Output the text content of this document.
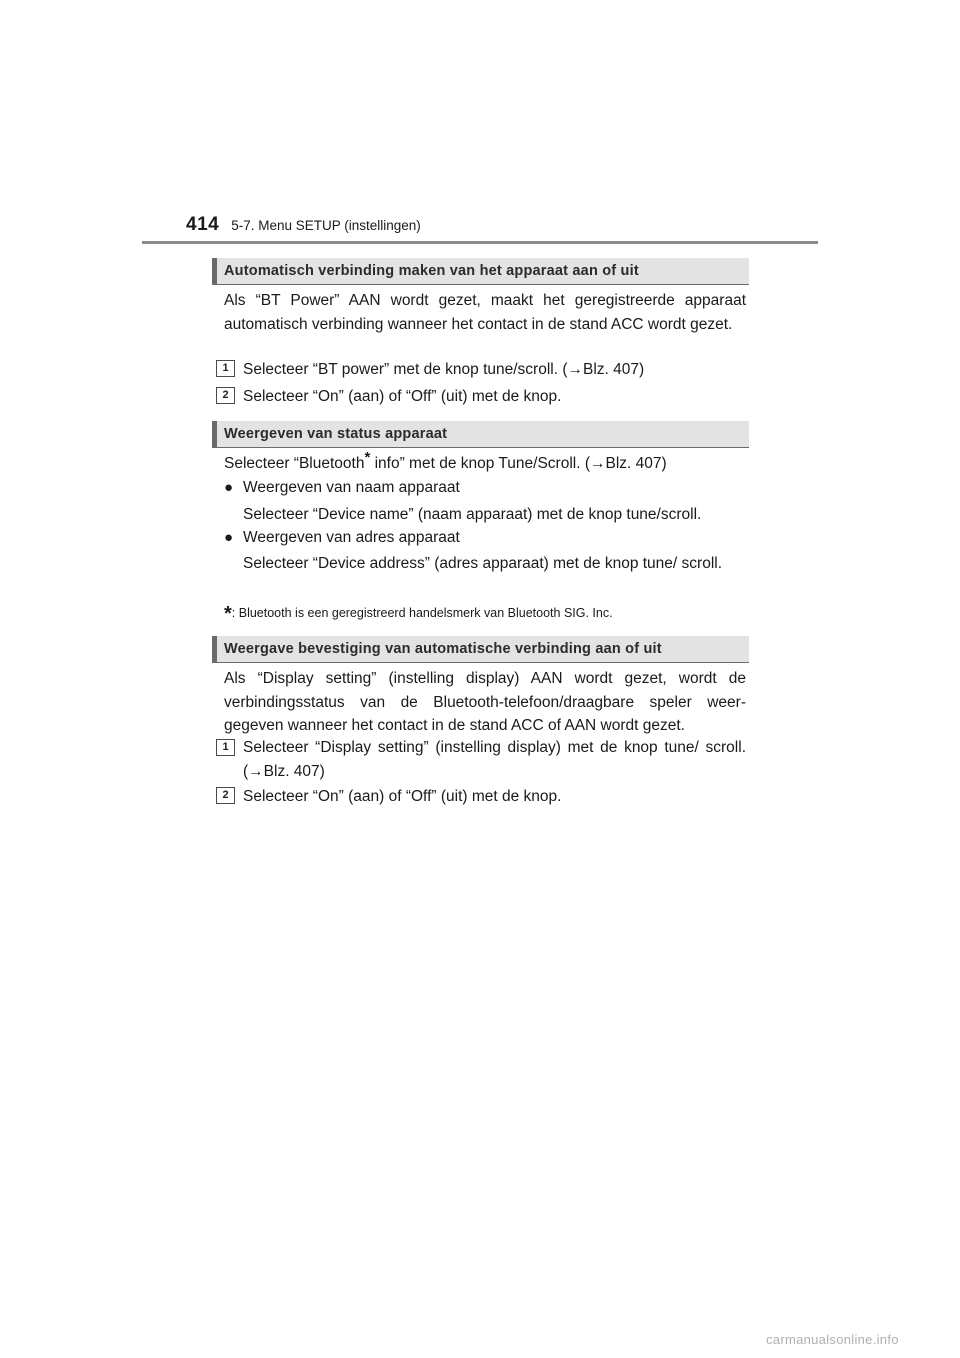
414 5-7. Menu SETUP (instellingen)
Automatisch verbinding maken van het apparaat aan of uit
Als “BT Power” AAN wordt gezet, maakt het geregistreerde apparaat automatisch verbinding wanneer het contact in de stand ACC wordt gezet.
1 Selecteer “BT power” met de knop tune/scroll. (→Blz. 407)
2 Selecteer “On” (aan) of “Off” (uit) met de knop.
Weergeven van status apparaat
Selecteer “Bluetooth* info” met de knop Tune/Scroll. (→Blz. 407)
● Weergeven van naam apparaat
Selecteer “Device name” (naam apparaat) met de knop tune/scroll.
● Weergeven van adres apparaat
Selecteer “Device address” (adres apparaat) met de knop tune/ scroll.
*: Bluetooth is een geregistreerd handelsmerk van Bluetooth SIG. Inc.
Weergave bevestiging van automatische verbinding aan of uit
Als “Display setting” (instelling display) AAN wordt gezet, wordt de verbindingsstatus van de Bluetooth-telefoon/draagbare speler weer-gegeven wanneer het contact in de stand ACC of AAN wordt gezet.
1 Selecteer “Display setting” (instelling display) met de knop tune/ scroll. (→Blz. 407)
2 Selecteer “On” (aan) of “Off” (uit) met de knop.
carmanualsonline.info
